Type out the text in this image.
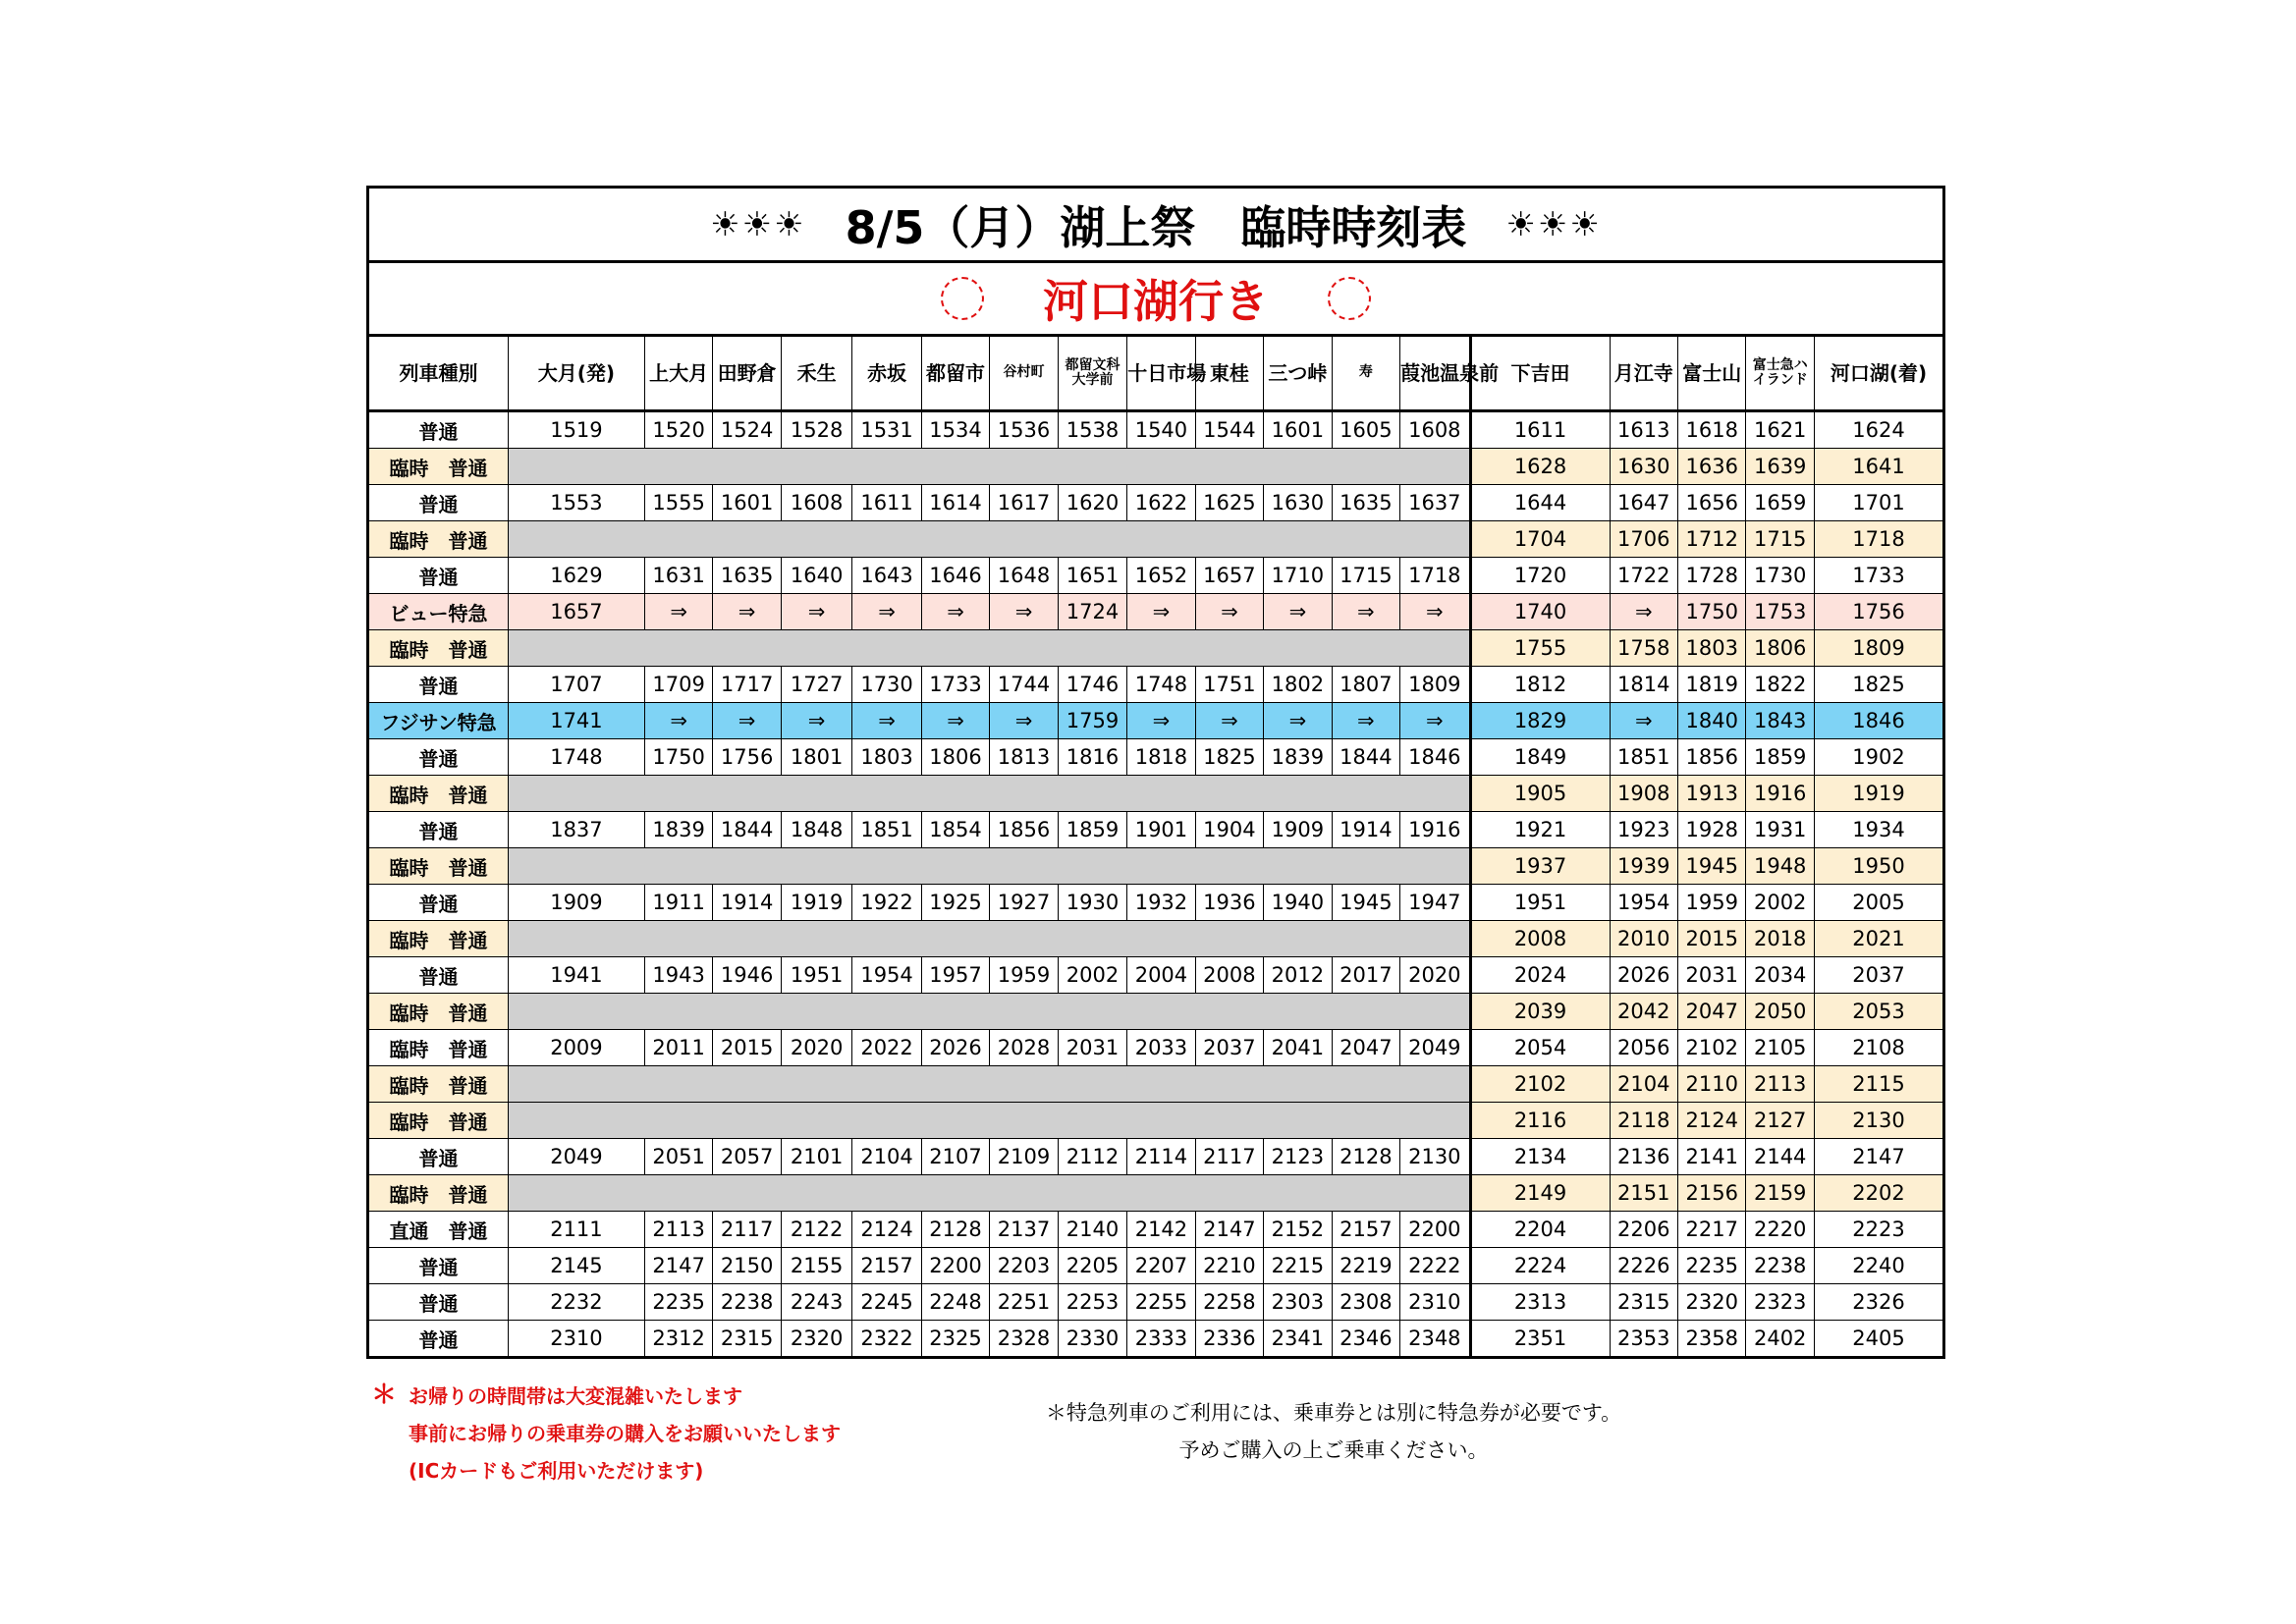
☀☀☀ 8/5（月）湖上祭　臨時時刻表 ☀☀☀
河口湖行き
列車種別	大月(発)	上大月	田野倉	禾生	赤坂	都留市	谷村町	都留文科大学前	十日市場	東桂	三つ峠	寿	葭池温泉前	下吉田	月江寺	富士山	富士急ハイランド	河口湖(着)
普通	1519	1520	1524	1528	1531	1534	1536	1538	1540	1544	1601	1605	1608	1611	1613	1618	1621	1624
臨時　普通														1628	1630	1636	1639	1641
普通	1553	1555	1601	1608	1611	1614	1617	1620	1622	1625	1630	1635	1637	1644	1647	1656	1659	1701
臨時　普通														1704	1706	1712	1715	1718
普通	1629	1631	1635	1640	1643	1646	1648	1651	1652	1657	1710	1715	1718	1720	1722	1728	1730	1733
ビュー特急	1657	⇒	⇒	⇒	⇒	⇒	⇒	1724	⇒	⇒	⇒	⇒	⇒	1740	⇒	1750	1753	1756
臨時　普通														1755	1758	1803	1806	1809
普通	1707	1709	1717	1727	1730	1733	1744	1746	1748	1751	1802	1807	1809	1812	1814	1819	1822	1825
フジサン特急	1741	⇒	⇒	⇒	⇒	⇒	⇒	1759	⇒	⇒	⇒	⇒	⇒	1829	⇒	1840	1843	1846
普通	1748	1750	1756	1801	1803	1806	1813	1816	1818	1825	1839	1844	1846	1849	1851	1856	1859	1902
臨時　普通														1905	1908	1913	1916	1919
普通	1837	1839	1844	1848	1851	1854	1856	1859	1901	1904	1909	1914	1916	1921	1923	1928	1931	1934
臨時　普通														1937	1939	1945	1948	1950
普通	1909	1911	1914	1919	1922	1925	1927	1930	1932	1936	1940	1945	1947	1951	1954	1959	2002	2005
臨時　普通														2008	2010	2015	2018	2021
普通	1941	1943	1946	1951	1954	1957	1959	2002	2004	2008	2012	2017	2020	2024	2026	2031	2034	2037
臨時　普通														2039	2042	2047	2050	2053
臨時　普通	2009	2011	2015	2020	2022	2026	2028	2031	2033	2037	2041	2047	2049	2054	2056	2102	2105	2108
臨時　普通														2102	2104	2110	2113	2115
臨時　普通														2116	2118	2124	2127	2130
普通	2049	2051	2057	2101	2104	2107	2109	2112	2114	2117	2123	2128	2130	2134	2136	2141	2144	2147
臨時　普通														2149	2151	2156	2159	2202
直通　普通	2111	2113	2117	2122	2124	2128	2137	2140	2142	2147	2152	2157	2200	2204	2206	2217	2220	2223
普通	2145	2147	2150	2155	2157	2200	2203	2205	2207	2210	2215	2219	2222	2224	2226	2235	2238	2240
普通	2232	2235	2238	2243	2245	2248	2251	2253	2255	2258	2303	2308	2310	2313	2315	2320	2323	2326
普通	2310	2312	2315	2320	2322	2325	2328	2330	2333	2336	2341	2346	2348	2351	2353	2358	2402	2405
＊ お帰りの時間帯は大変混雑いたします
事前にお帰りの乗車券の購入をお願いいたします
(ICカードもご利用いただけます)
＊特急列車のご利用には、乗車券とは別に特急券が必要です。
予めご購入の上ご乗車ください。
